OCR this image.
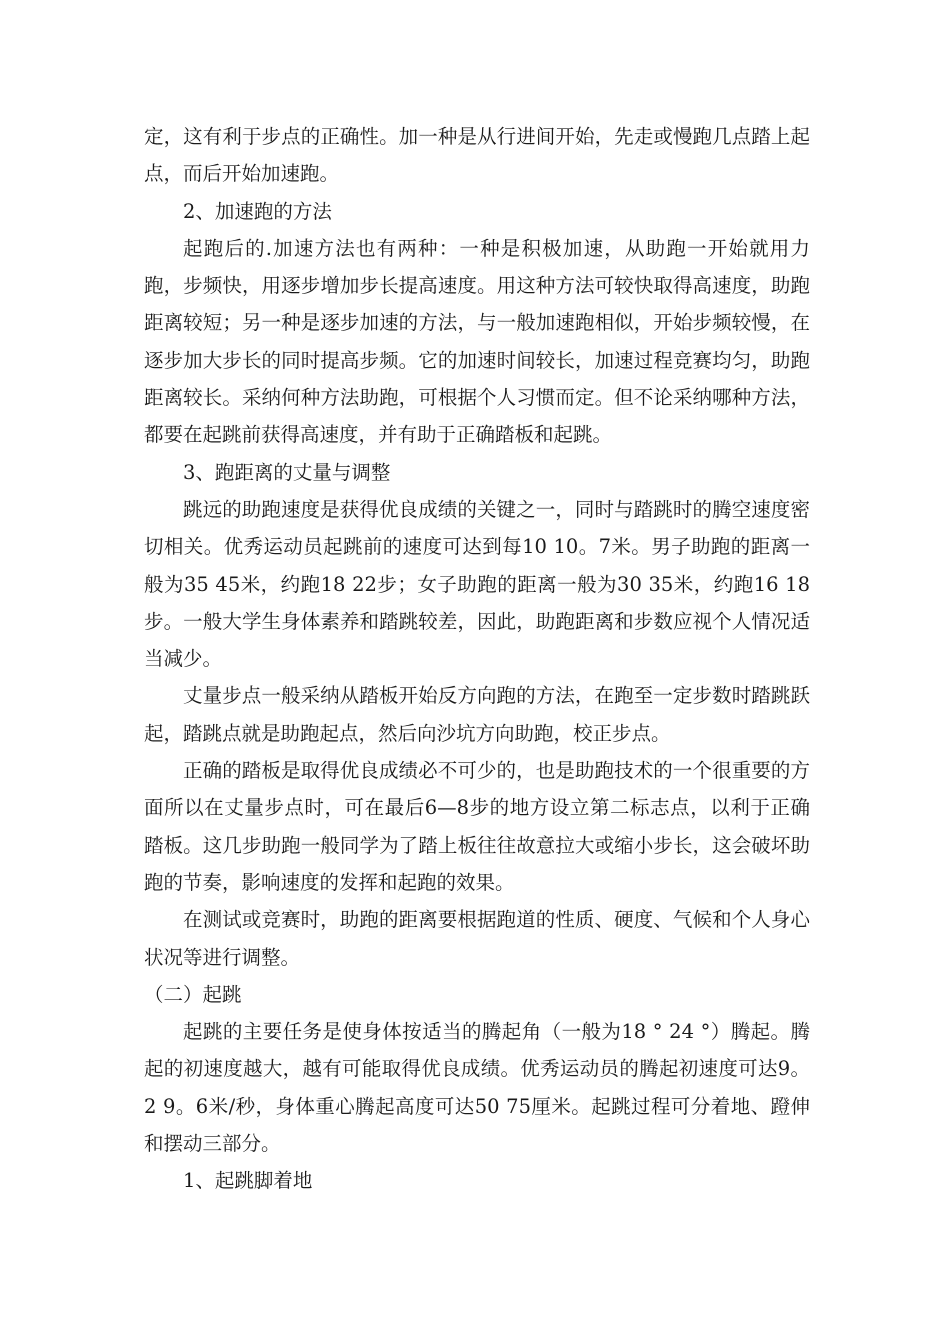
定，这有利于步点的正确性。加一种是从行进间开始，先走或慢跑几点踏上起点，而后开始加速跑。

2、加速跑的方法

起跑后的.加速方法也有两种：一种是积极加速，从助跑一开始就用力跑，步频快，用逐步增加步长提高速度。用这种方法可较快取得高速度，助跑距离较短；另一种是逐步加速的方法，与一般加速跑相似，开始步频较慢，在逐步加大步长的同时提高步频。它的加速时间较长，加速过程竞赛均匀，助跑距离较长。采纳何种方法助跑，可根据个人习惯而定。但不论采纳哪种方法，都要在起跳前获得高速度，并有助于正确踏板和起跳。

3、跑距离的丈量与调整

跳远的助跑速度是获得优良成绩的关键之一，同时与踏跳时的腾空速度密切相关。优秀运动员起跳前的速度可达到每10 10。7米。男子助跑的距离一般为35 45米，约跑18 22步；女子助跑的距离一般为30 35米，约跑16 18步。一般大学生身体素养和踏跳较差，因此，助跑距离和步数应视个人情况适当减少。

丈量步点一般采纳从踏板开始反方向跑的方法，在跑至一定步数时踏跳跃起，踏跳点就是助跑起点，然后向沙坑方向助跑，校正步点。

正确的踏板是取得优良成绩必不可少的，也是助跑技术的一个很重要的方面所以在丈量步点时，可在最后6—8步的地方设立第二标志点，以利于正确踏板。这几步助跑一般同学为了踏上板往往故意拉大或缩小步长，这会破坏助跑的节奏，影响速度的发挥和起跑的效果。

在测试或竞赛时，助跑的距离要根据跑道的性质、硬度、气候和个人身心状况等进行调整。

（二）起跳

起跳的主要任务是使身体按适当的腾起角（一般为18 ° 24 °）腾起。腾起的初速度越大，越有可能取得优良成绩。优秀运动员的腾起初速度可达9。2 9。6米/秒，身体重心腾起高度可达50 75厘米。起跳过程可分着地、蹬伸和摆动三部分。

1、起跳脚着地
